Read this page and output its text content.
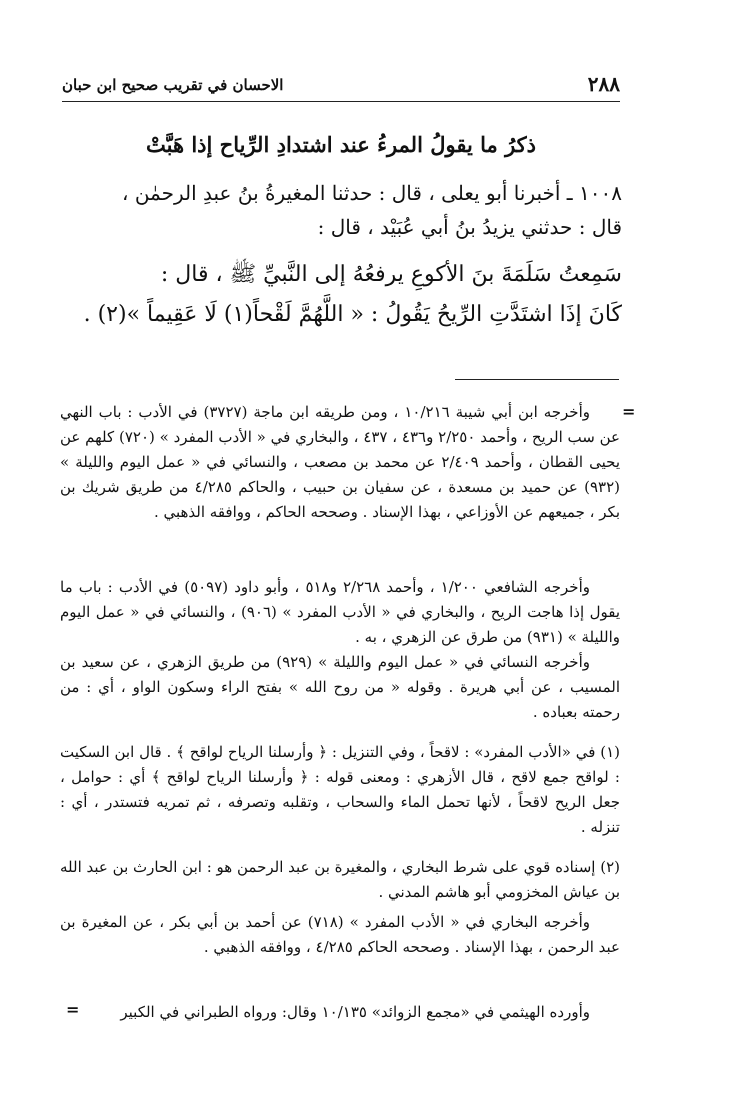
٢٨٨
الاحسان في تقريب صحيح ابن حبان
ذكرُ ما يقولُ المرءُ عند اشتدادِ الرِّياح إذا هَبَّتْ
١٠٠٨ ـ أخبرنا أبو يعلى ، قال : حدثنا المغيرةُ بنُ عبدِ الرحمٰن ،
قال : حدثني يزيدُ بنُ أبي عُبَيْد ، قال :
سَمِعتُ سَلَمَةَ بنَ الأكوعِ يرفعُهُ إلى النَّبيِّ ﷺ ، قال :
كَانَ إذَا اشتَدَّتِ الرِّيحُ يَقُولُ : « اللَّهُمَّ لَقْحاً(١) لَا عَقِيماً »(٢) .
=
وأخرجه ابن أبي شيبة ١٠/٢١٦ ، ومن طريقه ابن ماجة (٣٧٢٧) في الأدب : باب النهي عن سب الريح ، وأحمد ٢/٢٥٠ و٤٣٦ ، ٤٣٧ ، والبخاري في « الأدب المفرد » (٧٢٠) كلهم عن يحيى القطان ، وأحمد ٢/٤٠٩ عن محمد بن مصعب ، والنسائي في « عمل اليوم والليلة » (٩٣٢) عن حميد بن مسعدة ، عن سفيان بن حبيب ، والحاكم ٤/٢٨٥ من طريق شريك بن بكر ، جميعهم عن الأوزاعي ، بهذا الإسناد . وصححه الحاكم ، ووافقه الذهبي .
وأخرجه الشافعي ١/٢٠٠ ، وأحمد ٢/٢٦٨ و٥١٨ ، وأبو داود (٥٠٩٧) في الأدب : باب ما يقول إذا هاجت الريح ، والبخاري في « الأدب المفرد » (٩٠٦) ، والنسائي في « عمل اليوم والليلة » (٩٣١) من طرق عن الزهري ، به .
وأخرجه النسائي في « عمل اليوم والليلة » (٩٢٩) من طريق الزهري ، عن سعيد بن المسيب ، عن أبي هريرة . وقوله « من روح الله » بفتح الراء وسكون الواو ، أي : من رحمته بعباده .
(١) في «الأدب المفرد» : لاقحاً ، وفي التنزيل : ﴿ وأرسلنا الرياح لواقح ﴾ . قال ابن السكيت : لواقح جمع لاقح ، قال الأزهري : ومعنى قوله : ﴿ وأرسلنا الرياح لواقح ﴾ أي : حوامل ، جعل الريح لاقحاً ، لأنها تحمل الماء والسحاب ، وتقلبه وتصرفه ، ثم تمريه فتستدر ، أي : تنزله .
(٢) إسناده قوي على شرط البخاري ، والمغيرة بن عبد الرحمن هو : ابن الحارث بن عبد الله بن عياش المخزومي أبو هاشم المدني .
وأخرجه البخاري في « الأدب المفرد » (٧١٨) عن أحمد بن أبي بكر ، عن المغيرة بن عبد الرحمن ، بهذا الإسناد . وصححه الحاكم ٤/٢٨٥ ، ووافقه الذهبي .
وأورده الهيثمي في «مجمع الزوائد» ١٠/١٣٥ وقال: ورواه الطبراني في الكبير
=
